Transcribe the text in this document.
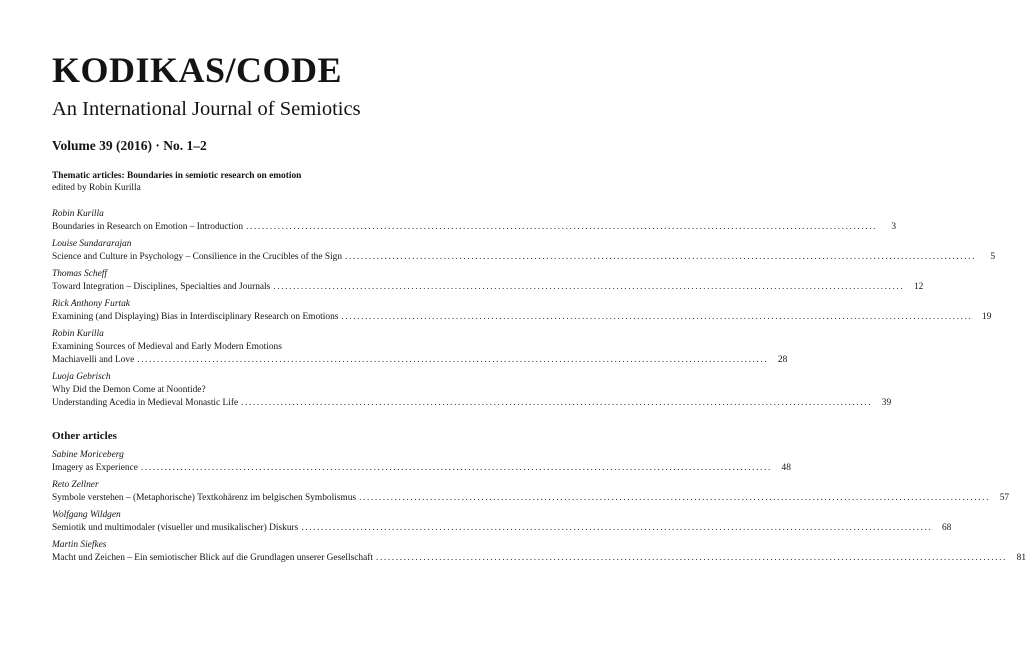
KODIKAS/CODE
An International Journal of Semiotics
Volume 39 (2016) · No. 1–2
Thematic articles: Boundaries in semiotic research on emotion
edited by Robin Kurilla
Robin Kurilla
Boundaries in Research on Emotion – Introduction ................................................................................................................................................................	3
Louise Sundararajan
Science and Culture in Psychology – Consilience in the Crucibles of the Sign ................................................................................................................................................................	5
Thomas Scheff
Toward Integration – Disciplines, Specialties and Journals ................................................................................................................................................................	12
Rick Anthony Furtak
Examining (and Displaying) Bias in Interdisciplinary Research on Emotions ................................................................................................................................................................	19
Robin Kurilla
Examining Sources of Medieval and Early Modern Emotions
Machiavelli and Love ................................................................................................................................................................	28
Luoja Gebrisch
Why Did the Demon Come at Noontide?
Understanding Acedia in Medieval Monastic Life ................................................................................................................................................................	39
Other articles
Sabine Moriceberg
Imagery as Experience ................................................................................................................................................................	48
Reto Zellner
Symbole verstehen – (Metaphorische) Textkohärenz im belgischen Symbolismus ................................................................................................................................................................	57
Wolfgang Wildgen
Semiotik und multimodaler (visueller und musikalischer) Diskurs ................................................................................................................................................................	68
Martin Siefkes
Macht und Zeichen – Ein semiotischer Blick auf die Grundlagen unserer Gesellschaft ................................................................................................................................................................	81
